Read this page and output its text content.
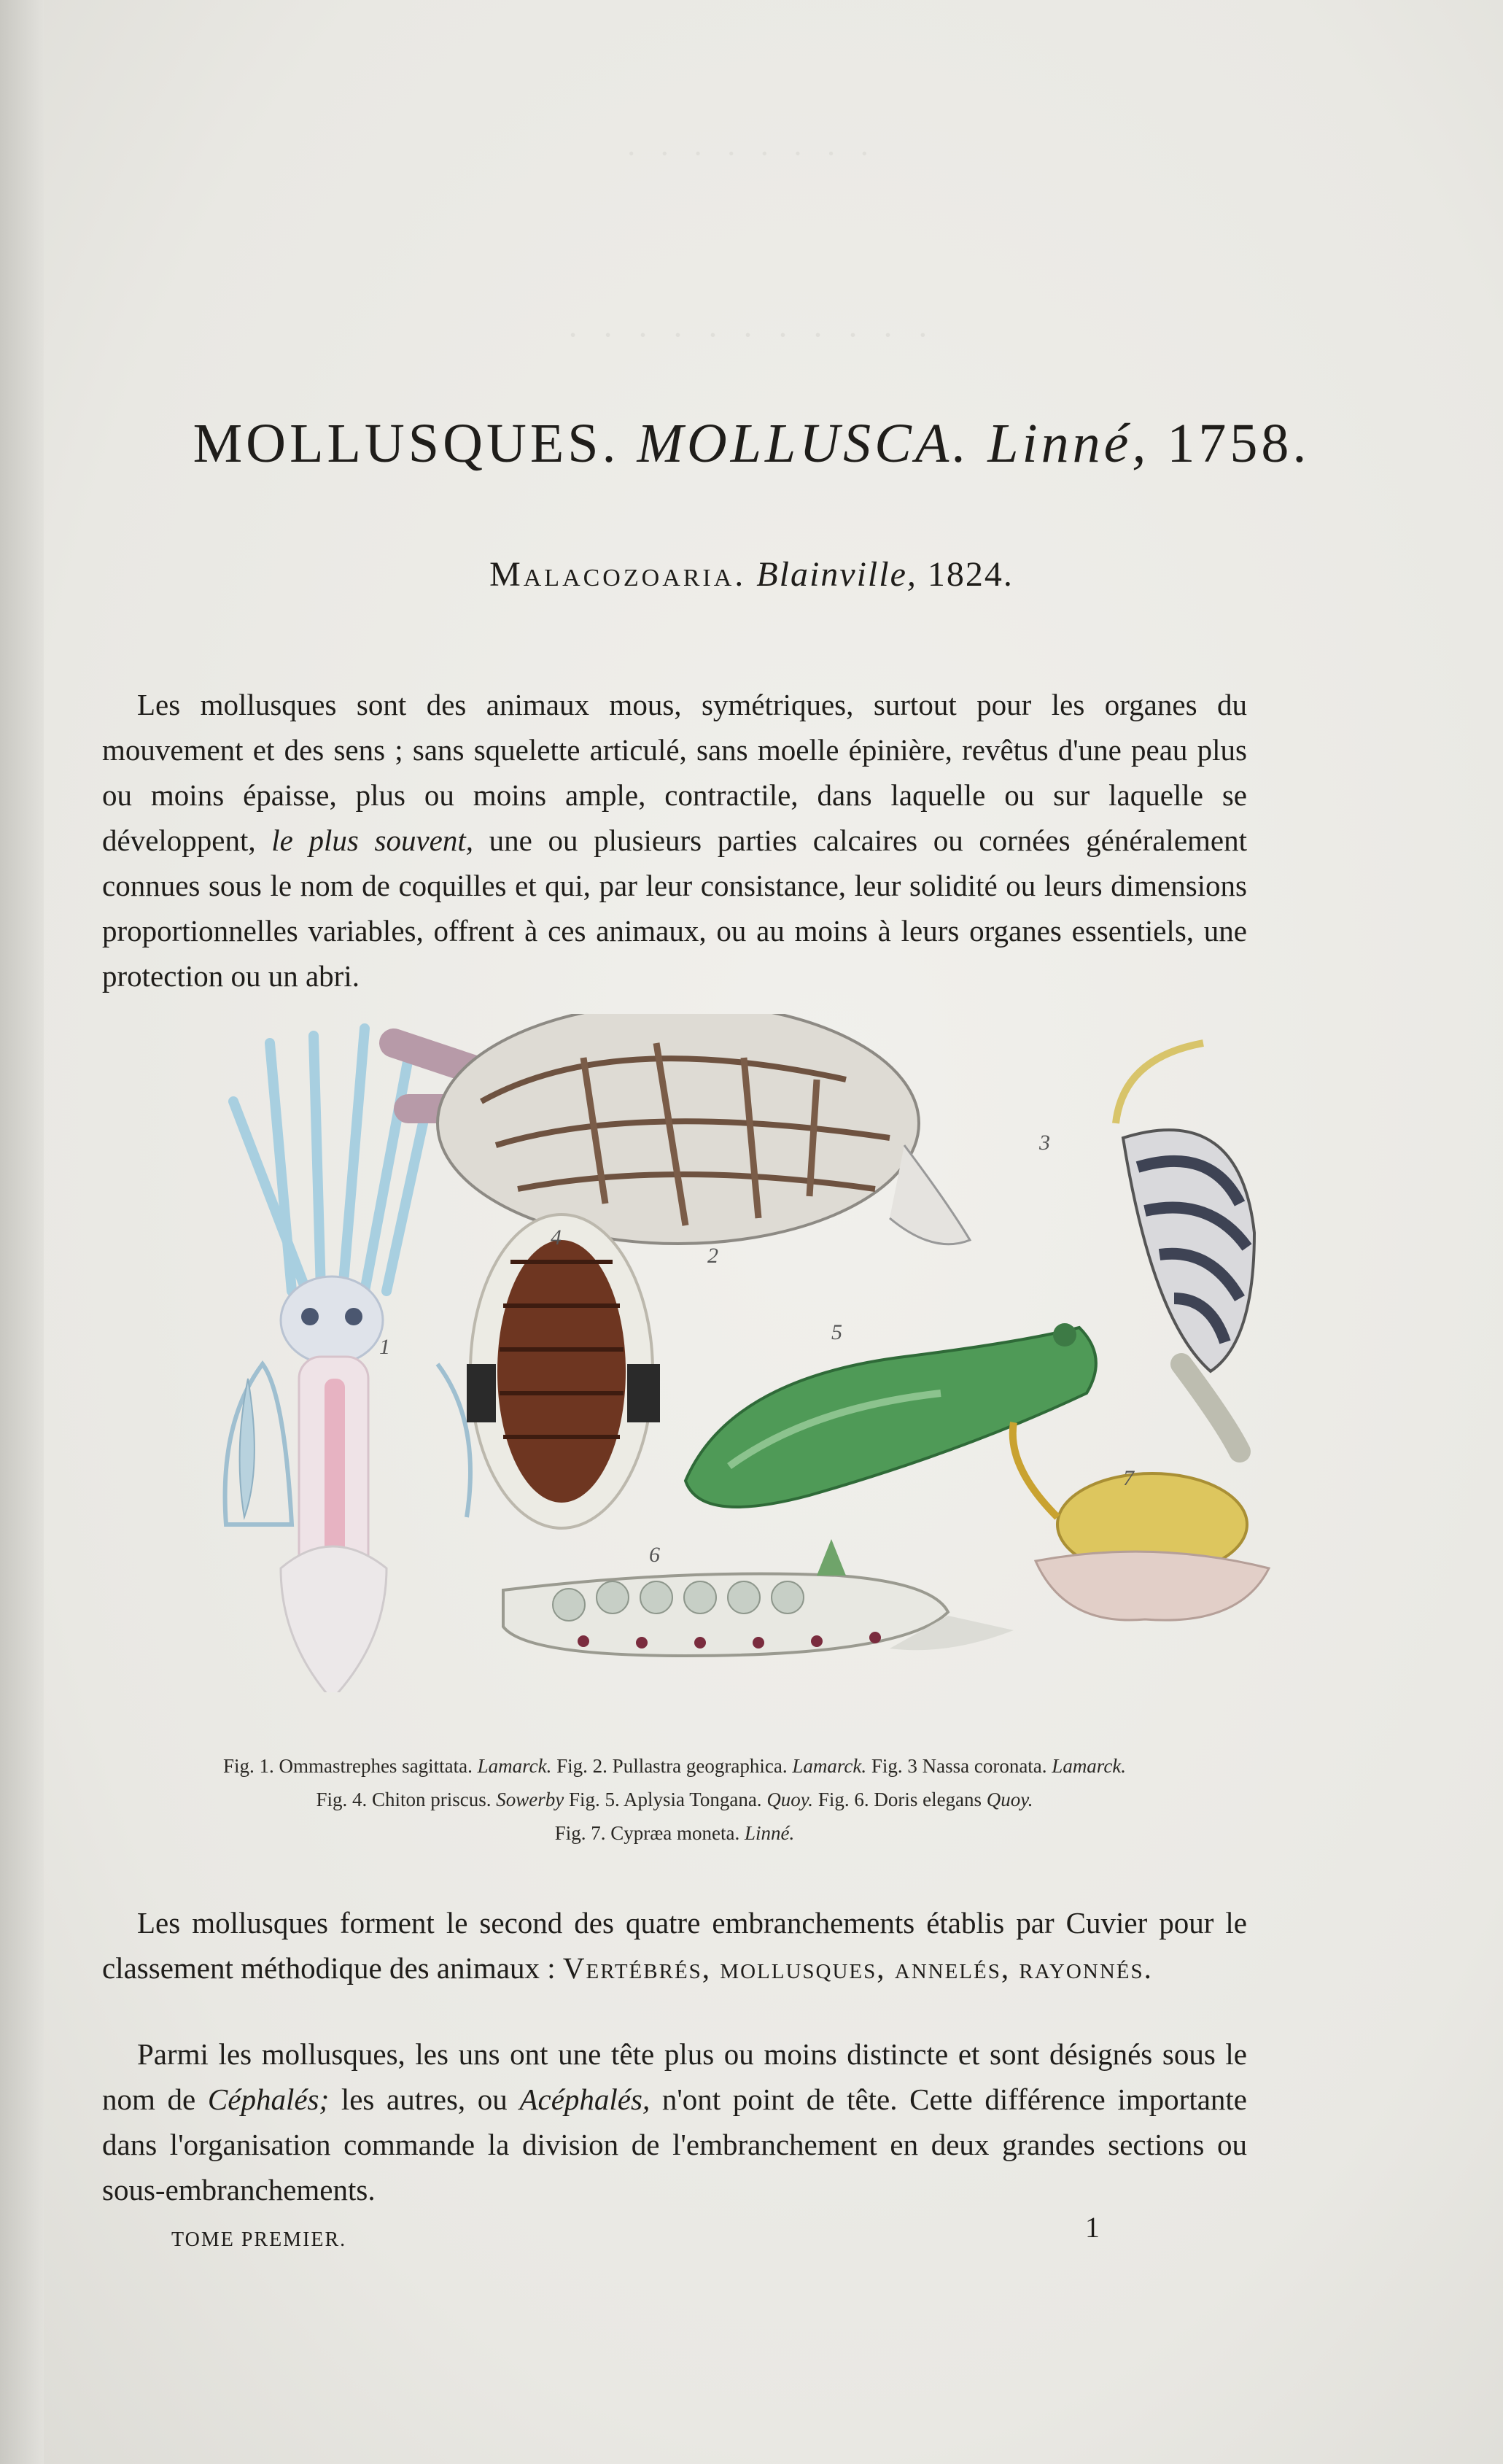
· · · · · · · ·
· · · · · · · · · · ·
MOLLUSQUES. MOLLUSCA. Linné, 1758.
Malacozoaria. Blainville, 1824.
Les mollusques sont des animaux mous, symétriques, surtout pour les organes du mouvement et des sens ; sans squelette articulé, sans moelle épinière, revêtus d'une peau plus ou moins épaisse, plus ou moins ample, contractile, dans laquelle ou sur laquelle se développent, le plus souvent, une ou plusieurs parties calcaires ou cornées généralement connues sous le nom de coquilles et qui, par leur consistance, leur solidité ou leurs dimensions proportionnelles variables, offrent à ces animaux, ou au moins à leurs organes essentiels, une protection ou un abri.
1
2
3
4
5
6
7
Fig. 1. Ommastrephes sagittata. Lamarck. Fig. 2. Pullastra geographica. Lamarck. Fig. 3 Nassa coronata. Lamarck.
Fig. 4. Chiton priscus. Sowerby Fig. 5. Aplysia Tongana. Quoy. Fig. 6. Doris elegans Quoy.
Fig. 7. Cypræa moneta. Linné.
Les mollusques forment le second des quatre embranchements établis par Cuvier pour le classement méthodique des animaux : Vertébrés, mollusques, annelés, rayonnés.
Parmi les mollusques, les uns ont une tête plus ou moins distincte et sont désignés sous le nom de Céphalés; les autres, ou Acéphalés, n'ont point de tête. Cette différence importante dans l'organisation commande la division de l'embranchement en deux grandes sections ou sous-embranchements.
TOME PREMIER.	1
